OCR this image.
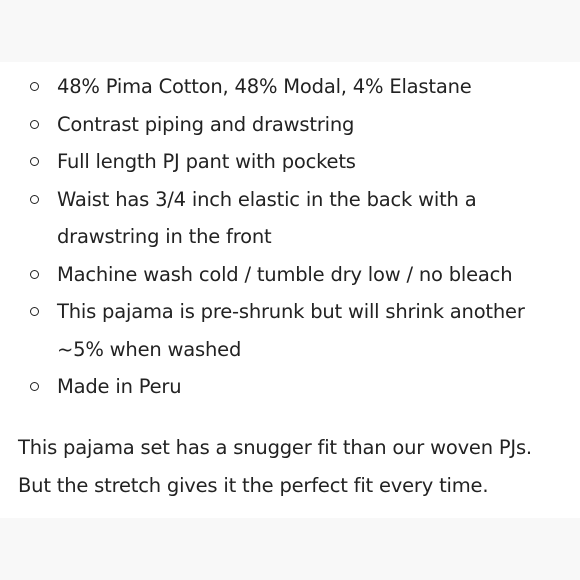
48% Pima Cotton, 48% Modal, 4% Elastane
Contrast piping and drawstring
Full length PJ pant with pockets
Waist has 3/4 inch elastic in the back with a drawstring in the front
Machine wash cold / tumble dry low / no bleach
This pajama is pre-shrunk but will shrink another ~5% when washed
Made in Peru

This pajama set has a snugger fit than our woven PJs.
But the stretch gives it the perfect fit every time.
